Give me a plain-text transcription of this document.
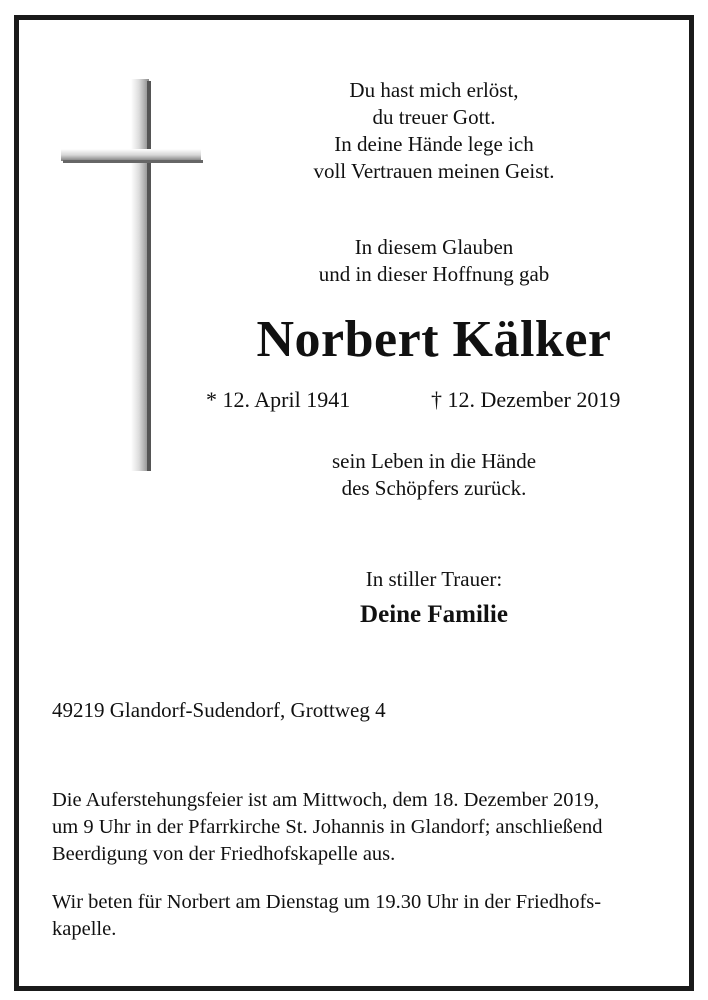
Du hast mich erlöst,
du treuer Gott.
In deine Hände lege ich
voll Vertrauen meinen Geist.
In diesem Glauben
und in dieser Hoffnung gab
Norbert Kälker
* 12. April 1941	† 12. Dezember 2019
sein Leben in die Hände
des Schöpfers zurück.
In stiller Trauer:
Deine Familie
49219 Glandorf-Sudendorf, Grottweg 4
Die Auferstehungsfeier ist am Mittwoch, dem 18. Dezember 2019,
um 9 Uhr in der Pfarrkirche St. Johannis in Glandorf; anschließend
Beerdigung von der Friedhofskapelle aus.
Wir beten für Norbert am Dienstag um 19.30 Uhr in der Friedhofs-
kapelle.
